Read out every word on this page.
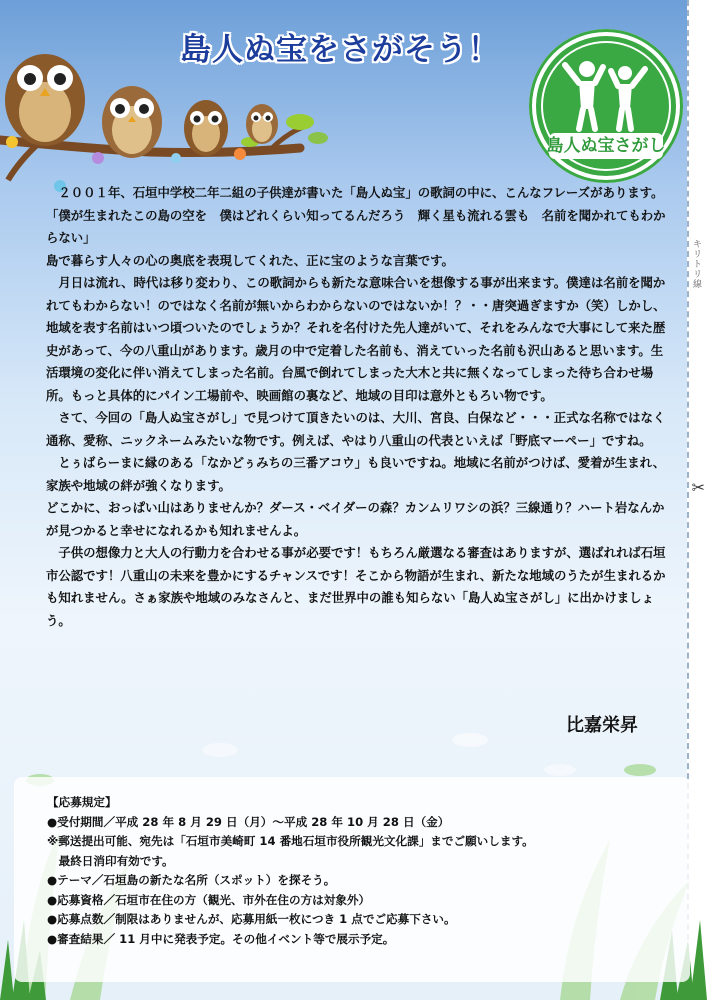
島人ぬ宝をさがそう！
島人ぬ宝さがし
キリトリ線
✂

　２００１年、石垣中学校二年二組の子供達が書いた「島人ぬ宝」の歌詞の中に、こんなフレーズがあります。

「僕が生まれたこの島の空を　僕はどれくらい知ってるんだろう　輝く星も流れる雲も　名前を聞かれてもわからない」

島で暮らす人々の心の奥底を表現してくれた、正に宝のような言葉です。

　月日は流れ、時代は移り変わり、この歌詞からも新たな意味合いを想像する事が出来ます。僕達は名前を聞かれてもわからない！のではなく名前が無いからわからないのではないか！？・・唐突過ぎますか（笑）しかし、地域を表す名前はいつ頃ついたのでしょうか？それを名付けた先人達がいて、それをみんなで大事にして来た歴史があって、今の八重山があります。歳月の中で定着した名前も、消えていった名前も沢山あると思います。生活環境の変化に伴い消えてしまった名前。台風で倒れてしまった大木と共に無くなってしまった待ち合わせ場所。もっと具体的にパイン工場前や、映画館の裏など、地域の目印は意外ともろい物です。

　さて、今回の「島人ぬ宝さがし」で見つけて頂きたいのは、大川、宮良、白保など・・・正式な名称ではなく通称、愛称、ニックネームみたいな物です。例えば、やはり八重山の代表といえば「野底マーペー」ですね。

　とぅばらーまに縁のある「なかどぅみちの三番アコウ」も良いですね。地域に名前がつけば、愛着が生まれ、家族や地域の絆が強くなります。

どこかに、おっぱい山はありませんか？ダース・ベイダーの森？カンムリワシの浜？三線通り？ハート岩なんかが見つかると幸せになれるかも知れませんよ。

　子供の想像力と大人の行動力を合わせる事が必要です！もちろん厳選なる審査はありますが、選ばれれば石垣市公認です！八重山の未来を豊かにするチャンスです！そこから物語が生まれ、新たな地域のうたが生まれるかも知れません。さぁ家族や地域のみなさんと、まだ世界中の誰も知らない「島人ぬ宝さがし」に出かけましょう。

比嘉栄昇

【応募規定】

●受付期間／平成 28 年 8 月 29 日（月）〜平成 28 年 10 月 28 日（金）

※郵送提出可能、宛先は「石垣市美崎町 14 番地石垣市役所観光文化課」までご願いします。

　最終日消印有効です。

●テーマ／石垣島の新たな名所（スポット）を探そう。

●応募資格／石垣市在住の方（観光、市外在住の方は対象外）

●応募点数／制限はありませんが、応募用紙一枚につき 1 点でご応募下さい。

●審査結果／ 11 月中に発表予定。その他イベント等で展示予定。
